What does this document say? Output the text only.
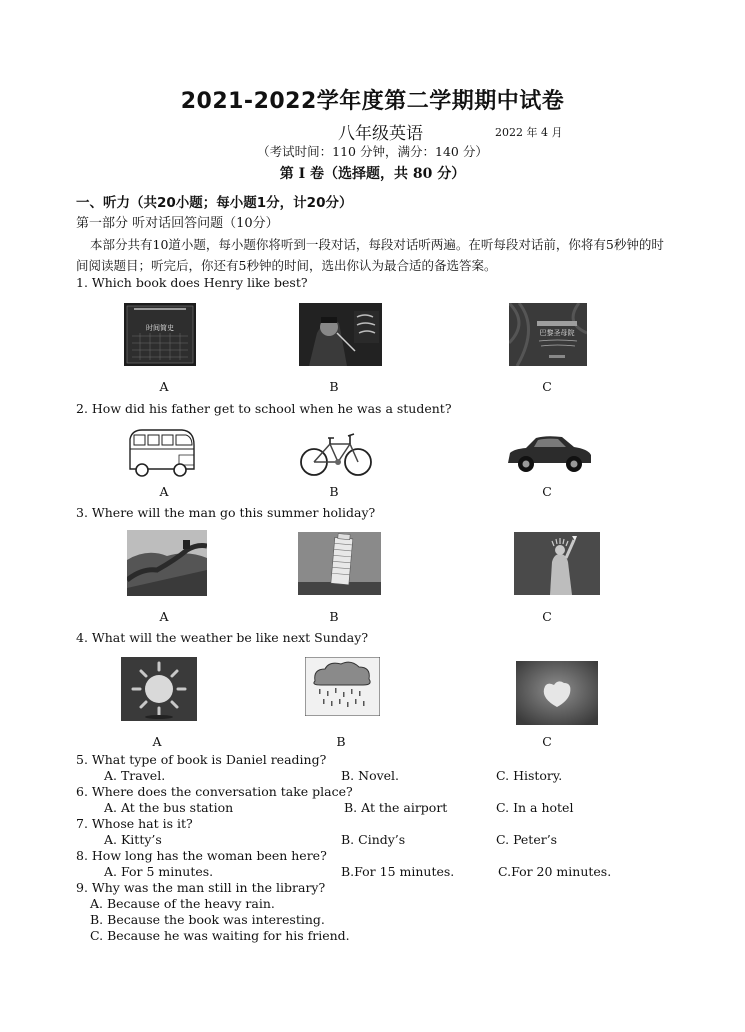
2021-2022学年度第二学期期中试卷
八年级英语	2022 年 4 月
（考试时间：110 分钟，满分：140 分）
第 I 卷（选择题，共 80 分）
一、听力（共20小题；每小题1分，计20分）
第一部分 听对话回答问题（10分）
本部分共有10道小题，每小题你将听到一段对话，每段对话听两遍。在听每段对话前，你将有5秒钟的时间阅读题目；听完后，你还有5秒钟的时间，选出你认为最合适的备选答案。
1. Which book does Henry like best?
时间简史
巴黎圣母院
A	B	C
2. How did his father get to school when he was a student?
A	B	C
3. Where will the man go this summer holiday?
A	B	C
4. What will the weather be like next Sunday?
A	B	C
5. What type of book is Daniel reading?
A. Travel.	B. Novel.	C. History.
6. Where does the conversation take place?
A. At the bus station	B. At the airport	C. In a hotel
7. Whose hat is it?
A. Kitty’s	B. Cindy’s	C. Peter’s
8. How long has the woman been here?
A. For 5 minutes.	B.For 15 minutes.	C.For 20 minutes.
9. Why was the man still in the library?
A. Because of the heavy rain.
B. Because the book was interesting.
C. Because he was waiting for his friend.
